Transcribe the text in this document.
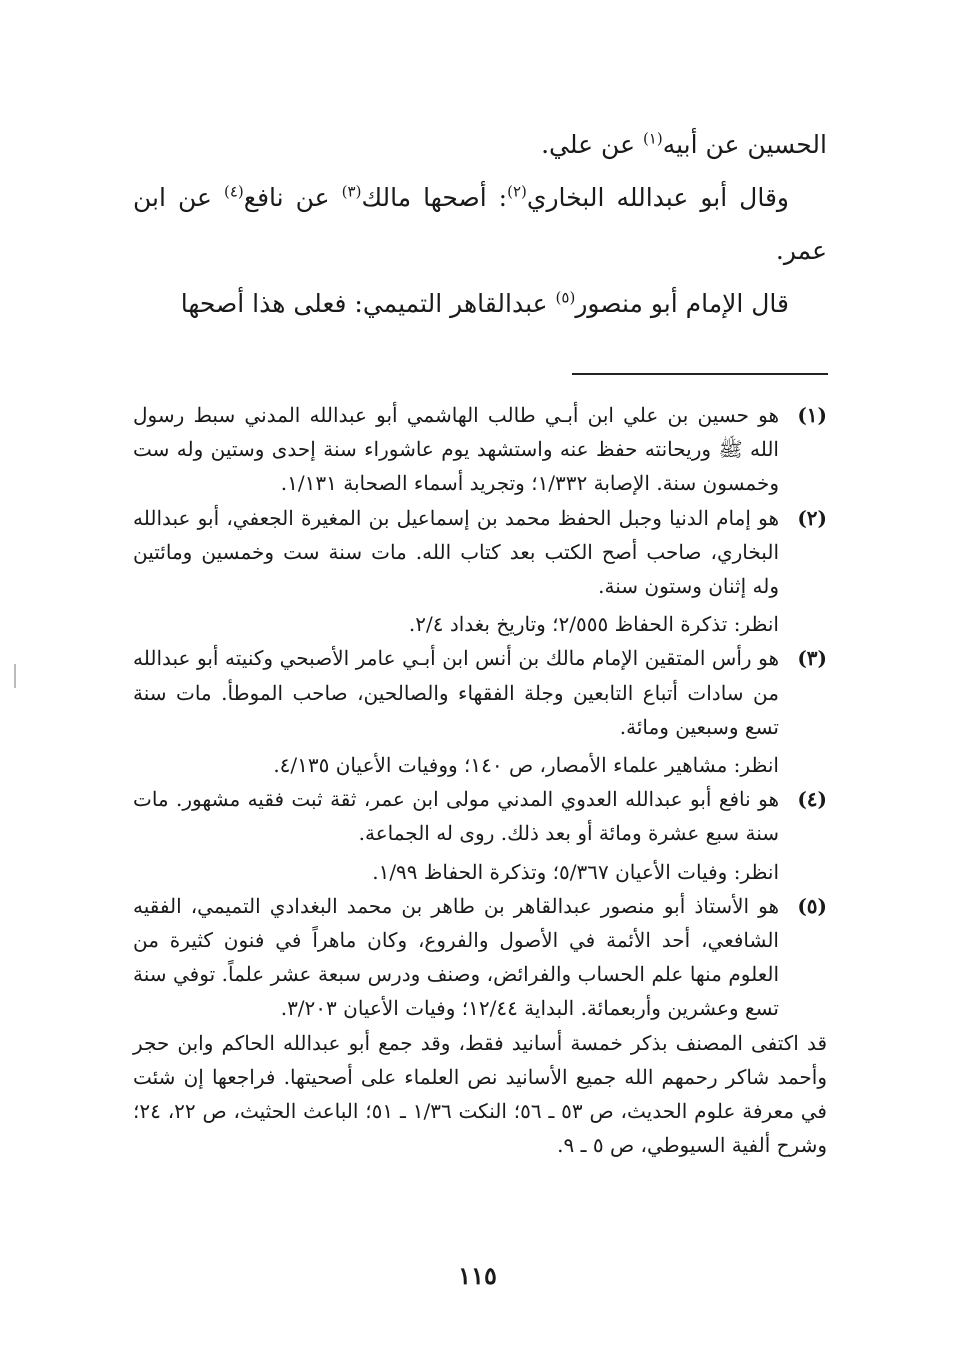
الحسين عن أبيه$^{(١)}$ عن علي.

وقال أبو عبدالله البخاري$^{(٢)}$: أصحها مالك$^{(٣)}$ عن نافع$^{(٤)}$ عن ابن عمر.

قال الإمام أبو منصور$^{(٥)}$ عبدالقاهر التميمي: فعلى هذا أصحها

(١)
هو حسين بن علي ابن أبـي طالب الهاشمي أبو عبدالله المدني سبط رسول الله ﷺ وريحانته حفظ عنه واستشهد يوم عاشوراء سنة إحدى وستين وله ست وخمسون سنة. الإصابة ١/٣٣٢؛ وتجريد أسماء الصحابة ١/١٣١.
(٢)
هو إمام الدنيا وجبل الحفظ محمد بن إسماعيل بن المغيرة الجعفي، أبو عبدالله البخاري، صاحب أصح الكتب بعد كتاب الله. مات سنة ست وخمسين ومائتين وله إثنان وستون سنة.
انظر: تذكرة الحفاظ ٢/٥٥٥؛ وتاريخ بغداد ٢/٤.
(٣)
هو رأس المتقين الإمام مالك بن أنس ابن أبـي عامر الأصبحي وكنيته أبو عبدالله من سادات أتباع التابعين وجلة الفقهاء والصالحين، صاحب الموطأ. مات سنة تسع وسبعين ومائة.
انظر: مشاهير علماء الأمصار، ص ١٤٠؛ ووفيات الأعيان ٤/١٣٥.
(٤)
هو نافع أبو عبدالله العدوي المدني مولى ابن عمر، ثقة ثبت فقيه مشهور. مات سنة سبع عشرة ومائة أو بعد ذلك. روى له الجماعة.
انظر: وفيات الأعيان ٥/٣٦٧؛ وتذكرة الحفاظ ١/٩٩.
(٥)
هو الأستاذ أبو منصور عبدالقاهر بن طاهر بن محمد البغدادي التميمي، الفقيه الشافعي، أحد الأئمة في الأصول والفروع، وكان ماهراً في فنون كثيرة من العلوم منها علم الحساب والفرائض، وصنف ودرس سبعة عشر علماً. توفي سنة تسع وعشرين وأربعمائة. البداية ١٢/٤٤؛ وفيات الأعيان ٣/٢٠٣.
قد اكتفى المصنف بذكر خمسة أسانيد فقط، وقد جمع أبو عبدالله الحاكم وابن حجر وأحمد شاكر رحمهم الله جميع الأسانيد نص العلماء على أصحيتها. فراجعها إن شئت في معرفة علوم الحديث، ص ٥٣ ـ ٥٦؛ النكت ١/٣٦ ـ ٥١؛ الباعث الحثيث، ص ٢٢، ٢٤؛ وشرح ألفية السيوطي، ص ٥ ـ ٩.
١١٥
